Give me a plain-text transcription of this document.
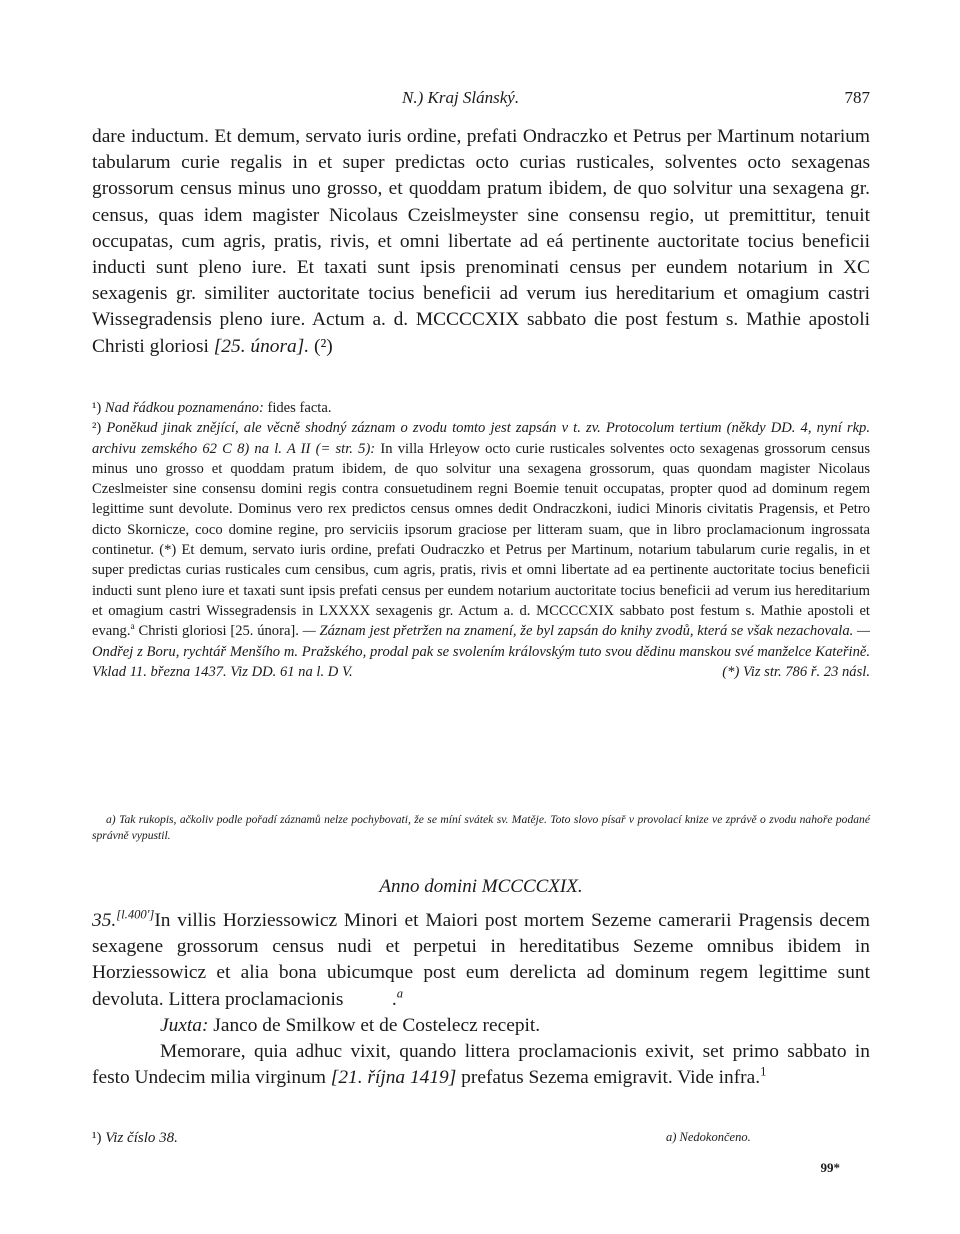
N.) Kraj Slánský.	787

dare inductum. Et demum, servato iuris ordine, prefati Ondraczko et Petrus per Martinum notarium tabularum curie regalis in et super predictas octo curias rusticales, solventes octo sexagenas grossorum census minus uno grosso, et quoddam pratum ibidem, de quo solvitur una sexagena gr. census, quas idem magister Nicolaus Czeislmeyster sine consensu regio, ut premittitur, tenuit occupatas, cum agris, pratis, rivis, et omni libertate ad eá pertinente auctoritate tocius beneficii inducti sunt pleno iure. Et taxati sunt ipsis prenominati census per eundem notarium in XC sexagenis gr. similiter auctoritate tocius beneficii ad verum ius hereditarium et omagium castri Wissegradensis pleno iure. Actum a. d. MCCCCXIX sabbato die post festum s. Mathie apostoli Christi gloriosi [25. února]. (²)

¹) Nad řádkou poznamenáno: fides facta.

²) Poněkud jinak znějící, ale věcně shodný záznam o zvodu tomto jest zapsán v t. zv. Protocolum tertium (někdy DD. 4, nyní rkp. archivu zemského 62 C 8) na l. A II (= str. 5): In villa Hrleyow octo curie rusticales solventes octo sexagenas grossorum census minus uno grosso et quoddam pratum ibidem, de quo solvitur una sexagena grossorum, quas quondam magister Nicolaus Czeslmeister sine consensu domini regis contra consuetudinem regni Boemie tenuit occupatas, propter quod ad dominum regem legittime sunt devolute. Dominus vero rex predictos census omnes dedit Ondraczkoni, iudici Minoris civitatis Pragensis, et Petro dicto Skornicze, coco domine regine, pro serviciis ipsorum graciose per litteram suam, que in libro proclamacionum ingrossata continetur. (*) Et demum, servato iuris ordine, prefati Oudraczko et Petrus per Martinum, notarium tabularum curie regalis, in et super predictas curias rusticales cum censibus, cum agris, pratis, rivis et omni libertate ad ea pertinente auctoritate tocius beneficii inducti sunt pleno iure et taxati sunt ipsis prefati census per eundem notarium auctoritate tocius beneficii ad verum ius hereditarium et omagium castri Wissegradensis in LXXXX sexagenis gr. Actum a. d. MCCCCXIX sabbato post festum s. Mathie apostoli et evang.$^a$ Christi gloriosi [25. února]. — Záznam jest přetržen na znamení, že byl zapsán do knihy zvodů, která se však nezachovala. — Ondřej z Boru, rychtář Menšího m. Pražského, prodal pak se svolením královským tuto svou dědinu manskou své manželce Kateřině. Vklad 11. března 1437. Viz DD. 61 na l. D V.	(*) Viz str. 786 ř. 23 násl.

a) Tak rukopis, ačkoliv podle pořadí záznamů nelze pochybovati, že se míní svátek sv. Matěje. Toto slovo písař v provolací knize ve zprávě o zvodu nahoře podané správně vypustil.

Anno domini MCCCCXIX.

35.[l.400']In villis Horziessowicz Minori et Maiori post mortem Sezeme camerarii Pragensis decem sexagene grossorum census nudi et perpetui in hereditatibus Sezeme omnibus ibidem in Horziessowicz et alia bona ubicumque post eum derelicta ad dominum regem legittime sunt devoluta. Littera proclamacionis          .$^a$

Juxta: Janco de Smilkow et de Costelecz recepit.

Memorare, quia adhuc vixit, quando littera proclamacionis exivit, set primo sabbato in festo Undecim milia virginum [21. října 1419] prefatus Sezema emigravit. Vide infra.$^1$

¹) Viz číslo 38.	a) Nedokončeno.
99*
